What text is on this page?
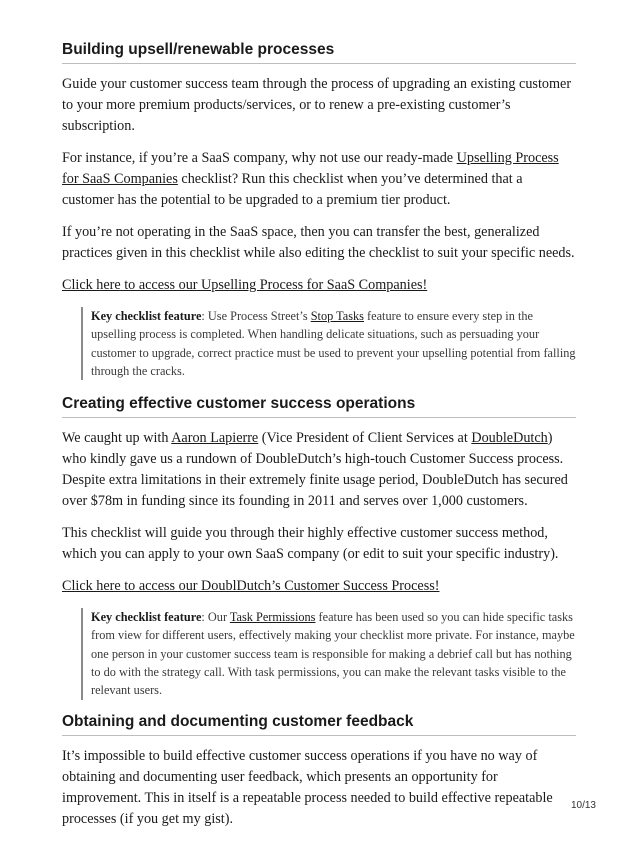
Building upsell/renewable processes

Guide your customer success team through the process of upgrading an existing customer to your more premium products/services, or to renew a pre-existing customer’s subscription.

For instance, if you’re a SaaS company, why not use our ready-made Upselling Process for SaaS Companies checklist? Run this checklist when you’ve determined that a customer has the potential to be upgraded to a premium tier product.

If you’re not operating in the SaaS space, then you can transfer the best, generalized practices given in this checklist while also editing the checklist to suit your specific needs.

Click here to access our Upselling Process for SaaS Companies!

Key checklist feature: Use Process Street’s Stop Tasks feature to ensure every step in the upselling process is completed. When handling delicate situations, such as persuading your customer to upgrade, correct practice must be used to prevent your upselling potential from falling through the cracks.
Creating effective customer success operations

We caught up with Aaron Lapierre (Vice President of Client Services at DoubleDutch) who kindly gave us a rundown of DoubleDutch’s high-touch Customer Success process. Despite extra limitations in their extremely finite usage period, DoubleDutch has secured over $78m in funding since its founding in 2011 and serves over 1,000 customers.

This checklist will guide you through their highly effective customer success method, which you can apply to your own SaaS company (or edit to suit your specific industry).

Click here to access our DoublDutch’s Customer Success Process!

Key checklist feature: Our Task Permissions feature has been used so you can hide specific tasks from view for different users, effectively making your checklist more private. For instance, maybe one person in your customer success team is responsible for making a debrief call but has nothing to do with the strategy call. With task permissions, you can make the relevant tasks visible to the relevant users.
Obtaining and documenting customer feedback

It’s impossible to build effective customer success operations if you have no way of obtaining and documenting user feedback, which presents an opportunity for improvement. This in itself is a repeatable process needed to build effective repeatable processes (if you get my gist).

10/13
